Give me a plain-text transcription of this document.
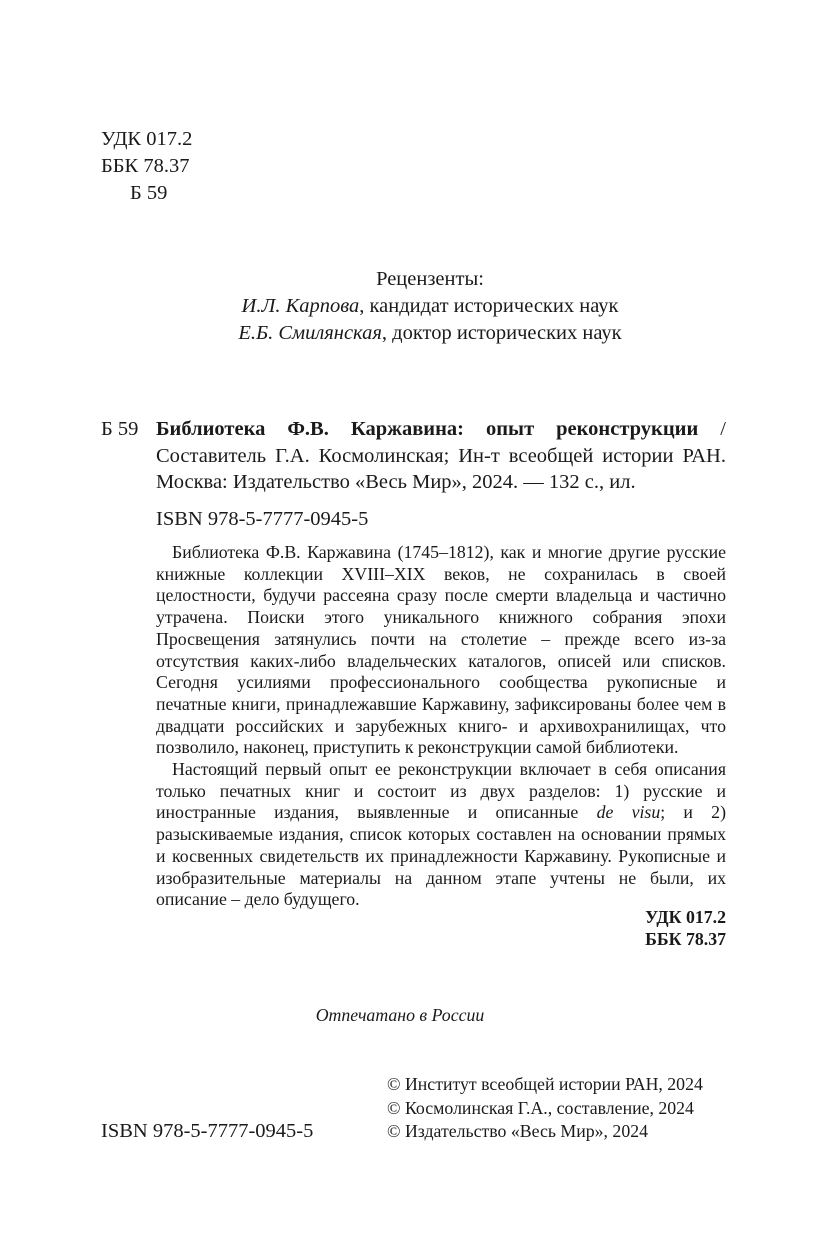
УДК 017.2
ББК 78.37
Б 59
Рецензенты:
И.Л. Карпова, кандидат исторических наук
Е.Б. Смилянская, доктор исторических наук
Б 59 Библиотека Ф.В. Каржавина: опыт реконструкции / Составитель Г.А. Космолинская; Ин-т всеобщей истории РАН. Москва: Издательство «Весь Мир», 2024. — 132 с., ил.
ISBN 978-5-7777-0945-5

Библиотека Ф.В. Каржавина (1745–1812), как и многие другие русские книжные коллекции XVIII–XIX веков, не сохранилась в своей целостности, будучи рассеяна сразу после смерти владельца и частично утрачена. Поиски этого уникального книжного собрания эпохи Просвещения затянулись почти на столетие – прежде всего из-за отсутствия каких-либо владельческих каталогов, описей или списков. Сегодня усилиями профессионального сообщества рукописные и печатные книги, принадлежавшие Каржавину, зафиксированы более чем в двадцати российских и зарубежных книго- и архивохранилищах, что позволило, наконец, приступить к реконструкции самой библиотеки.

Настоящий первый опыт ее реконструкции включает в себя описания только печатных книг и состоит из двух разделов: 1) русские и иностранные издания, выявленные и описанные de visu; и 2) разыскиваемые издания, список которых составлен на основании прямых и косвенных свидетельств их принадлежности Каржавину. Рукописные и изобразительные материалы на данном этапе учтены не были, их описание – дело будущего.

УДК 017.2
ББК 78.37
Отпечатано в России
ISBN 978-5-7777-0945-5
© Институт всеобщей истории РАН, 2024
© Космолинская Г.А., составление, 2024
© Издательство «Весь Мир», 2024
